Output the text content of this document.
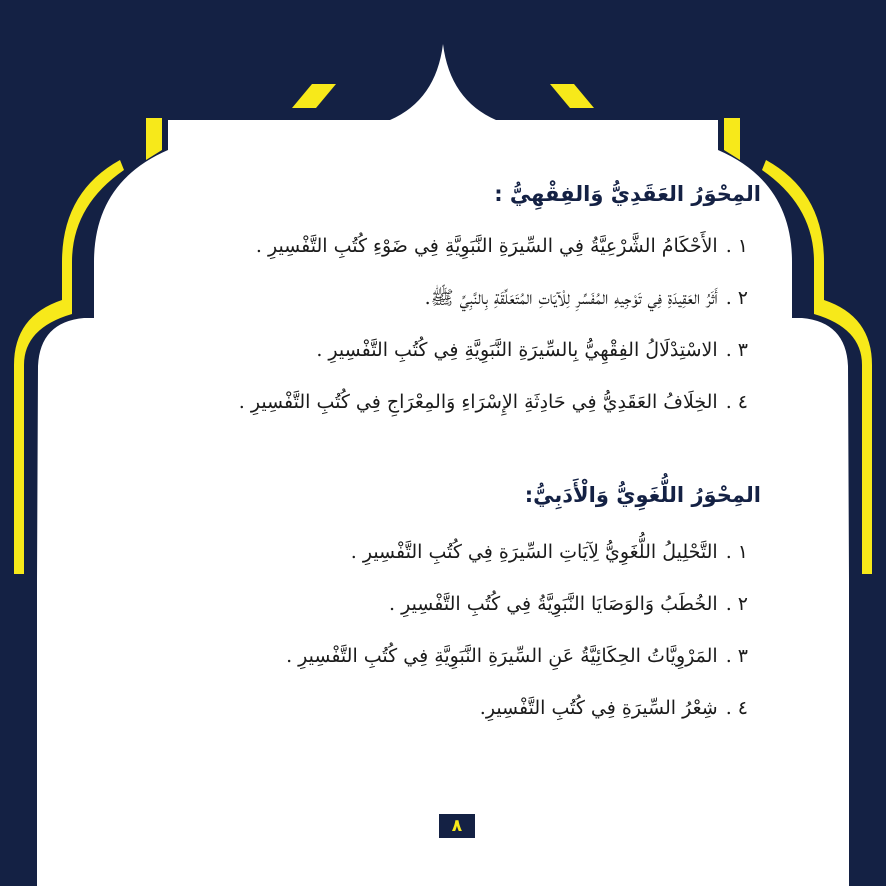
المِحْوَرُ العَقَدِيُّ وَالفِقْهِيُّ :
١ .الأَحْكَامُ الشَّرْعِيَّةُ فِي السِّيرَةِ النَّبَوِيَّةِ فِي ضَوْءِ كُتُبِ التَّفْسِيرِ .
٢ .أَثَرُ العَقِيدَةِ فِي تَوْجِيهِ المُفَسِّرِ لِلْآيَاتِ المُتَعَلِّقَةِ بِالنَّبِيِّ ﷺ.
٣ .الاسْتِدْلَالُ الفِقْهِيُّ بِالسِّيرَةِ النَّبَوِيَّةِ فِي كُتُبِ التَّفْسِيرِ .
٤ .الخِلَافُ العَقَدِيُّ فِي حَادِثَةِ الإِسْرَاءِ وَالمِعْرَاجِ فِي كُتُبِ التَّفْسِيرِ .
المِحْوَرُ اللُّغَوِيُّ وَالْأَدَبِيُّ:
١ .التَّحْلِيلُ اللُّغَوِيُّ لِآيَاتِ السِّيرَةِ فِي كُتُبِ التَّفْسِيرِ .
٢ .الخُطَبُ وَالوَصَايَا النَّبَوِيَّةُ فِي كُتُبِ التَّفْسِيرِ .
٣ .المَرْوِيَّاتُ الحِكَائِيَّةُ عَنِ السِّيرَةِ النَّبَوِيَّةِ فِي كُتُبِ التَّفْسِيرِ .
٤ .شِعْرُ السِّيرَةِ فِي كُتُبِ التَّفْسِيرِ.
٨
